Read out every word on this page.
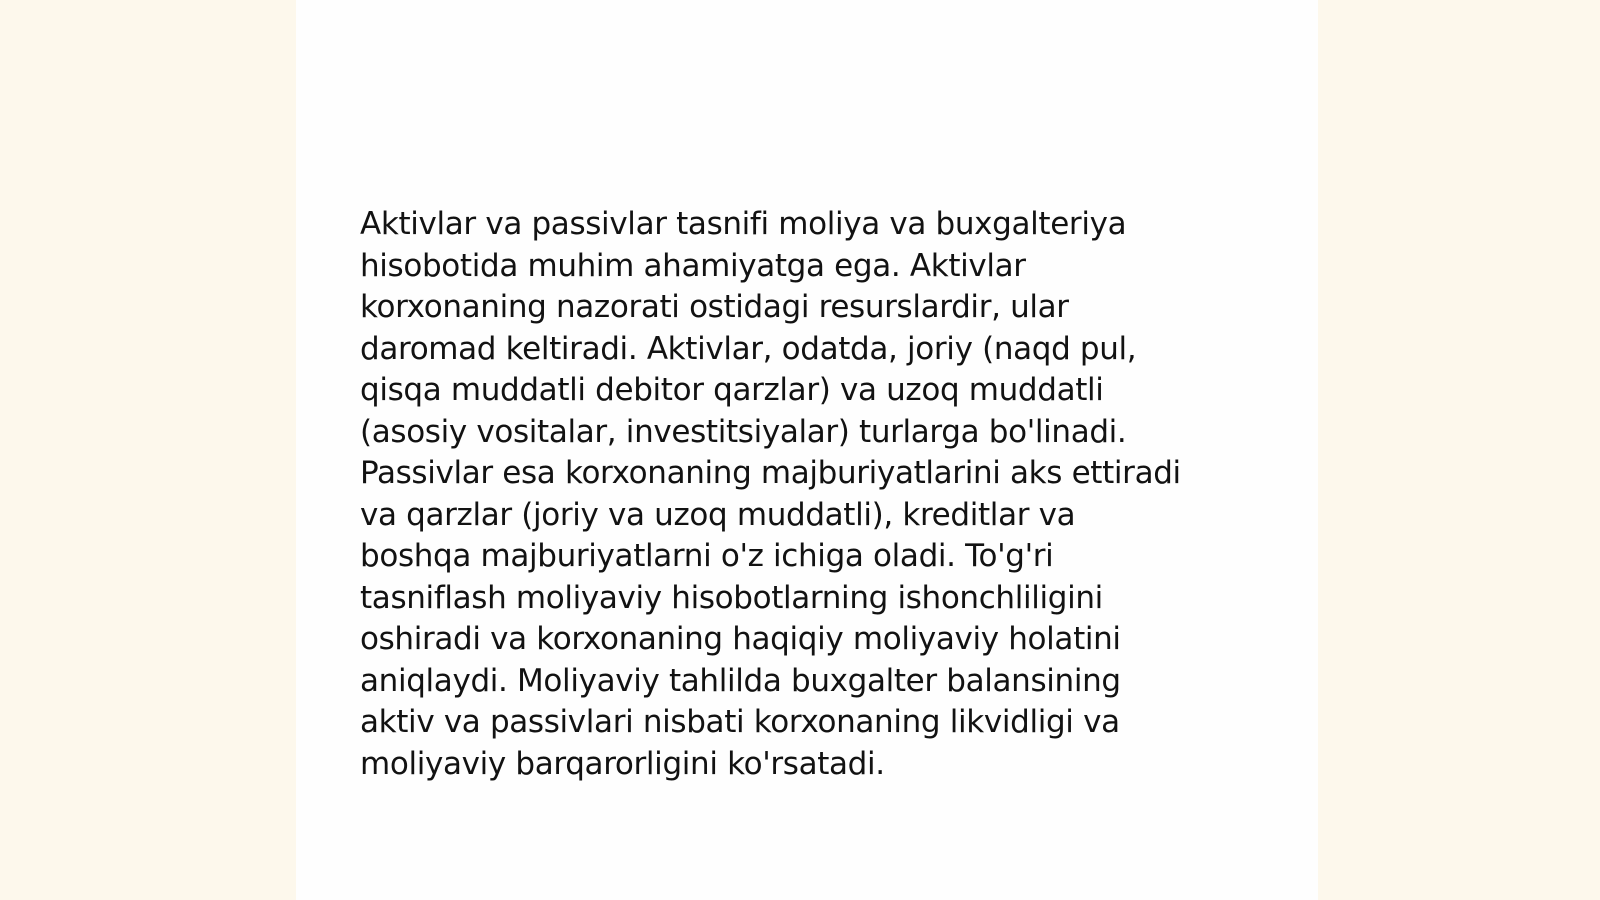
Aktivlar va passivlar tasnifi moliya va buxgalteriya
hisobotida muhim ahamiyatga ega. Aktivlar
korxonaning nazorati ostidagi resurslardir, ular
daromad keltiradi. Aktivlar, odatda, joriy (naqd pul,
qisqa muddatli debitor qarzlar) va uzoq muddatli
(asosiy vositalar, investitsiyalar) turlarga bo'linadi.
Passivlar esa korxonaning majburiyatlarini aks ettiradi
va qarzlar (joriy va uzoq muddatli), kreditlar va
boshqa majburiyatlarni o'z ichiga oladi. To'g'ri
tasniflash moliyaviy hisobotlarning ishonchliligini
oshiradi va korxonaning haqiqiy moliyaviy holatini
aniqlaydi. Moliyaviy tahlilda buxgalter balansining
aktiv va passivlari nisbati korxonaning likvidligi va
moliyaviy barqarorligini ko'rsatadi.
